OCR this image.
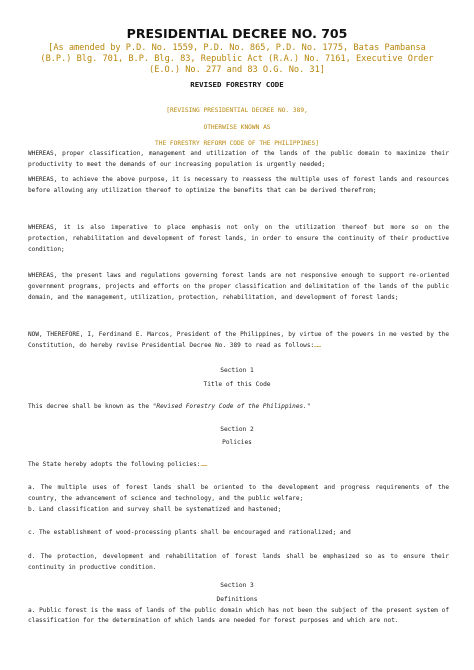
PRESIDENTIAL DECREE NO. 705
[As amended by P.D. No. 1559, P.D. No. 865, P.D. No. 1775, Batas Pambansa
(B.P.) Blg. 701, B.P. Blg. 83, Republic Act (R.A.) No. 7161, Executive Order
(E.O.) No. 277 and 83 O.G. No. 31]
REVISED FORESTRY CODE

[REVISING PRESIDENTIAL DECREE NO. 389,

OTHERWISE KNOWN AS

THE FORESTRY REFORM CODE OF THE PHILIPPINES]

WHEREAS, proper classification, management and utilization of the lands of the public domain to maximize their productivity to meet the demands of our increasing population is urgently needed;

WHEREAS, to achieve the above purpose, it is necessary to reassess the multiple uses of forest lands and resources before allowing any utilization thereof to optimize the benefits that can be derived therefrom;

WHEREAS, it is also imperative to place emphasis not only on the utilization thereof but more so on the protection, rehabilitation and development of forest lands, in order to ensure the continuity of their productive condition;

WHEREAS, the present laws and regulations governing forest lands are not responsive enough to support re-oriented government programs, projects and efforts on the proper classification and delimitation of the lands of the public domain, and the management, utilization, protection, rehabilitation, and development of forest lands;

NOW, THEREFORE, I, Ferdinand E. Marcos, President of the Philippines, by virtue of the powers in me vested by the Constitution, do hereby revise Presidential Decree No. 389 to read as follows:……

Section 1
Title of this Code

This decree shall be known as the "Revised Forestry Code of the Philippines."

Section 2
Policies

The State hereby adopts the following policies:……

a. The multiple uses of forest lands shall be oriented to the development and progress requirements of the country, the advancement of science and technology, and the public welfare;

b. Land classification and survey shall be systematized and hastened;

c. The establishment of wood-processing plants shall be encouraged and rationalized; and

d. The protection, development and rehabilitation of forest lands shall be emphasized so as to ensure their continuity in productive condition.

Section 3
Definitions

a. Public forest is the mass of lands of the public domain which has not been the subject of the present system of classification for the determination of which lands are needed for forest purposes and which are not.
